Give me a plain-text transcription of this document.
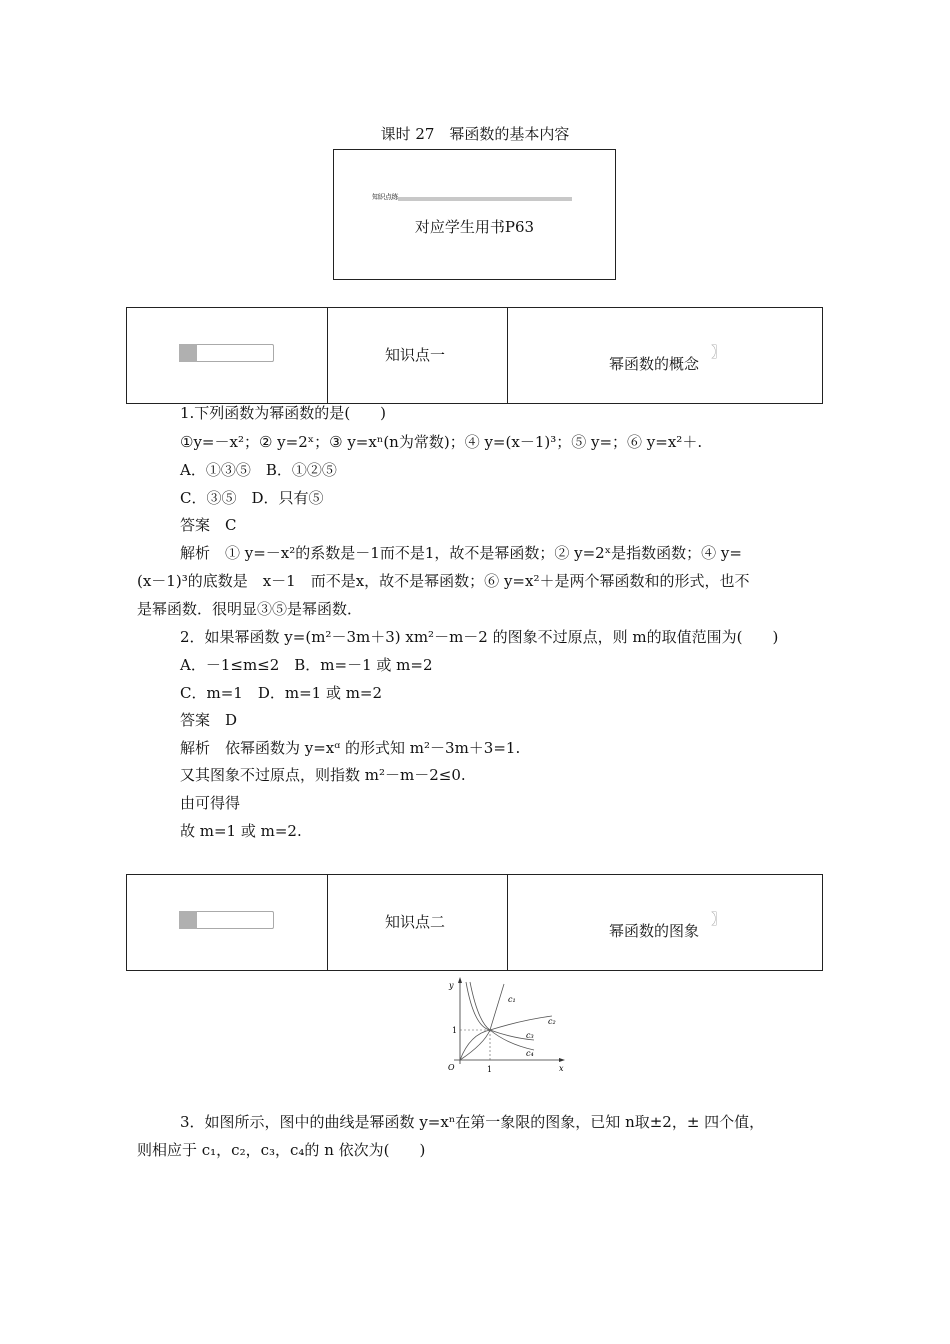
课时 27　幂函数的基本内容
知识点练
对应学生用书P63
知识点一	幂函数的概念
〗
1.下列函数为幂函数的是(　　)
①y=－x²；② y=2ˣ；③ y=xⁿ(n为常数)；④ y=(x－1)³；⑤ y=；⑥ y=x²＋.
A．①③⑤　B．①②⑤
C．③⑤　D．只有⑤
答案　C
解析　① y=－x²的系数是－1而不是1，故不是幂函数；② y=2ˣ是指数函数；④ y=
(x－1)³的底数是　x－1　而不是x，故不是幂函数；⑥ y=x²＋是两个幂函数和的形式，也不
是幂函数．很明显③⑤是幂函数．
2．如果幂函数 y=(m²－3m＋3) xm²－m－2 的图象不过原点，则 m的取值范围为(　　)
A．－1≤m≤2　B．m=－1 或 m=2
C．m=1　D．m=1 或 m=2
答案　D
解析　依幂函数为 y=xᵅ 的形式知 m²－3m＋3=1.
又其图象不过原点，则指数 m²－m－2≤0.
由可得得
故 m=1 或 m=2.
知识点二	幂函数的图象
〗
y
x
O	1
1
c₁
c₂
c₃
c₄
3．如图所示，图中的曲线是幂函数 y=xⁿ在第一象限的图象，已知 n取±2，± 四个值，
则相应于 c₁，c₂，c₃，c₄的 n 依次为(　　)
